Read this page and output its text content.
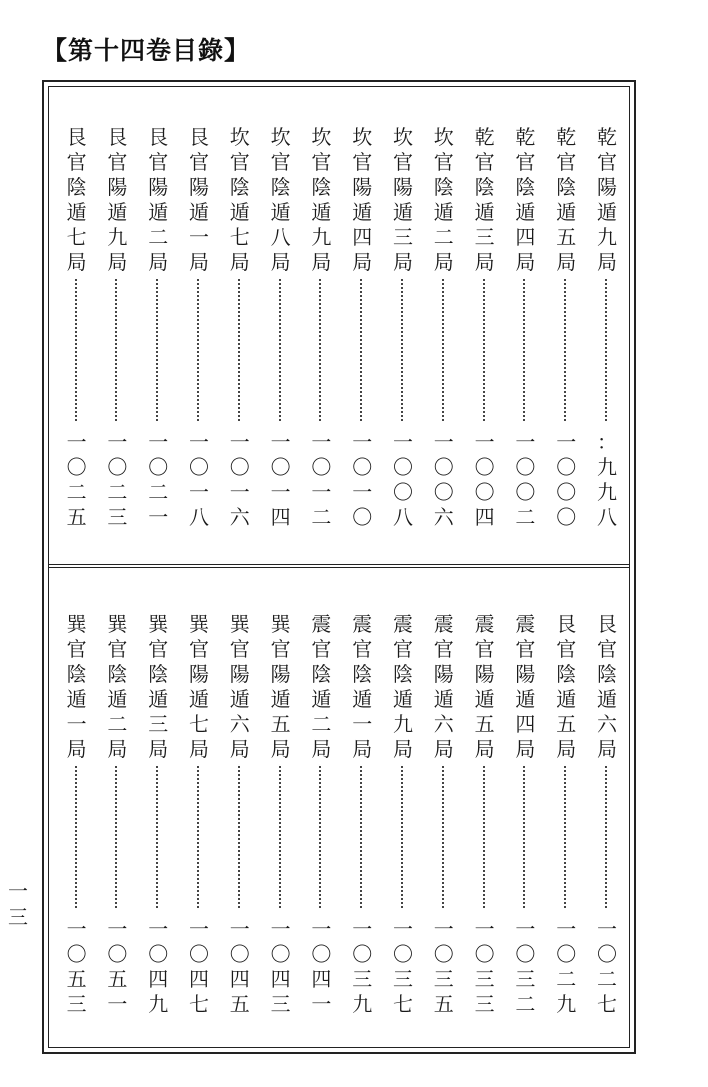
【第十四卷目錄】
乾
官
陽
遁
九
局
：
九
九
八
乾
官
陰
遁
五
局
一
〇
〇
〇
乾
官
陰
遁
四
局
一
〇
〇
二
乾
官
陰
遁
三
局
一
〇
〇
四
坎
官
陰
遁
二
局
一
〇
〇
六
坎
官
陽
遁
三
局
一
〇
〇
八
坎
官
陽
遁
四
局
一
〇
一
〇
坎
官
陰
遁
九
局
一
〇
一
二
坎
官
陰
遁
八
局
一
〇
一
四
坎
官
陰
遁
七
局
一
〇
一
六
艮
官
陽
遁
一
局
一
〇
一
八
艮
官
陽
遁
二
局
一
〇
二
一
艮
官
陽
遁
九
局
一
〇
二
三
艮
官
陰
遁
七
局
一
〇
二
五
艮
官
陰
遁
六
局
一
〇
二
七
艮
官
陰
遁
五
局
一
〇
二
九
震
官
陽
遁
四
局
一
〇
三
二
震
官
陽
遁
五
局
一
〇
三
三
震
官
陽
遁
六
局
一
〇
三
五
震
官
陰
遁
九
局
一
〇
三
七
震
官
陰
遁
一
局
一
〇
三
九
震
官
陰
遁
二
局
一
〇
四
一
巽
官
陽
遁
五
局
一
〇
四
三
巽
官
陽
遁
六
局
一
〇
四
五
巽
官
陽
遁
七
局
一
〇
四
七
巽
官
陰
遁
三
局
一
〇
四
九
巽
官
陰
遁
二
局
一
〇
五
一
巽
官
陰
遁
一
局
一
〇
五
三
一
三
